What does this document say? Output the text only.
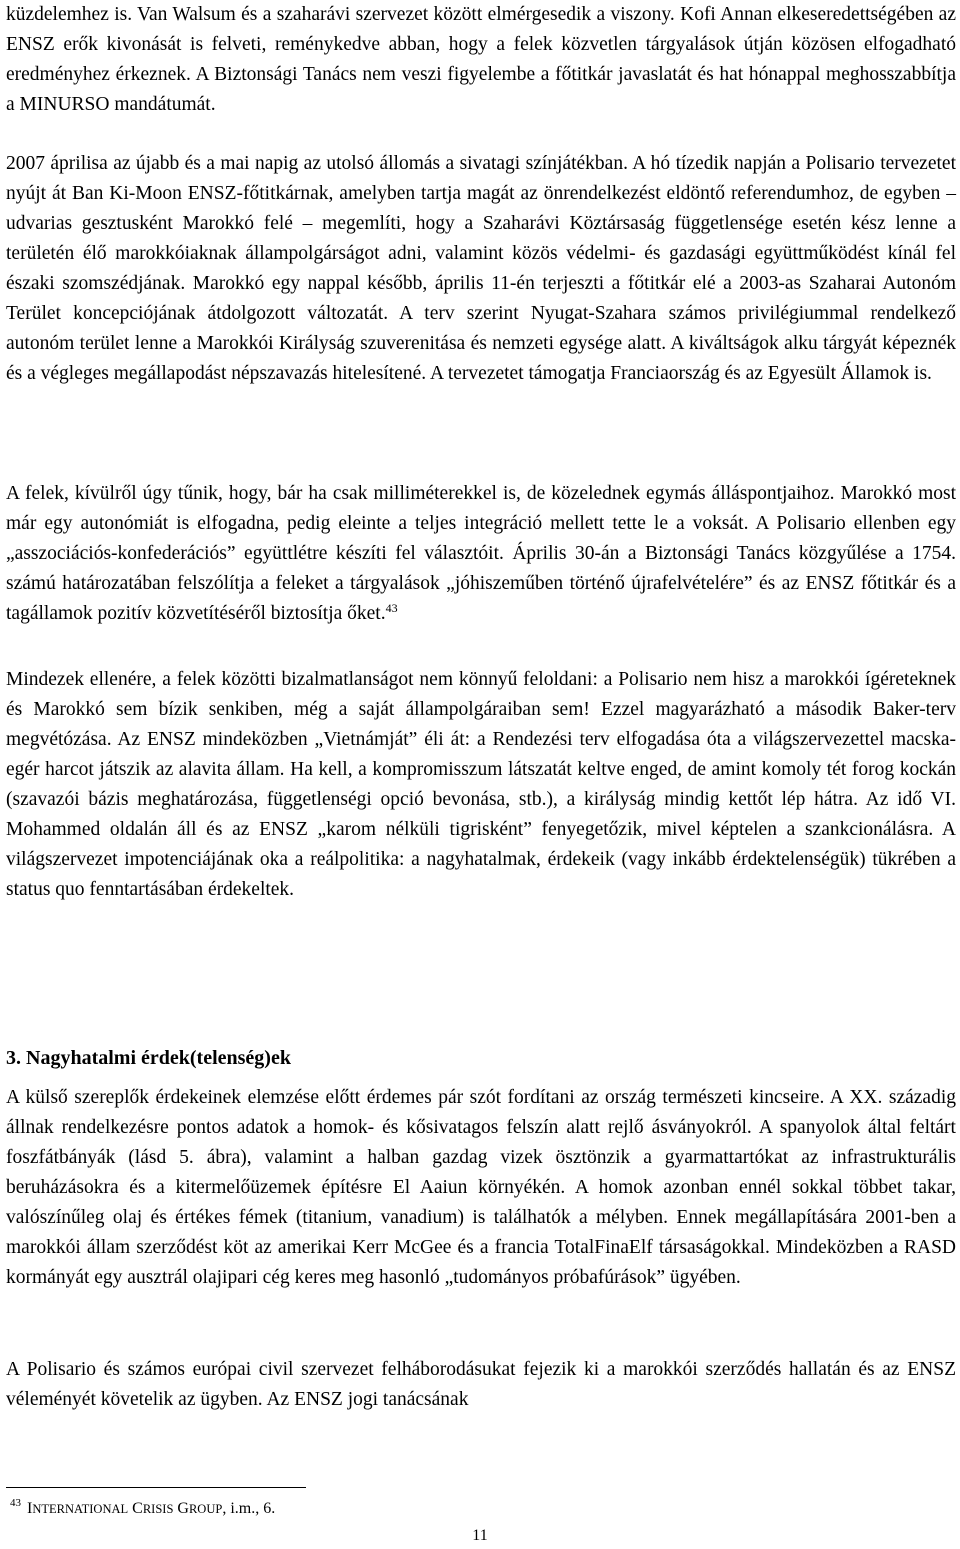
küzdelemhez is. Van Walsum és a szaharávi szervezet között elmérgesedik a viszony. Kofi Annan elkeseredettségében az ENSZ erők kivonását is felveti, reménykedve abban, hogy a felek közvetlen tárgyalások útján közösen elfogadható eredményhez érkeznek. A Biztonsági Tanács nem veszi figyelembe a főtitkár javaslatát és hat hónappal meghosszabbítja a MINURSO mandátumát.

2007 áprilisa az újabb és a mai napig az utolsó állomás a sivatagi színjátékban. A hó tízedik napján a Polisario tervezetet nyújt át Ban Ki-Moon ENSZ-főtitkárnak, amelyben tartja magát az önrendelkezést eldöntő referendumhoz, de egyben – udvarias gesztusként Marokkó felé – megemlíti, hogy a Szaharávi Köztársaság függetlensége esetén kész lenne a területén élő marokkóiaknak állampolgárságot adni, valamint közös védelmi- és gazdasági együttműködést kínál fel északi szomszédjának. Marokkó egy nappal később, április 11-én terjeszti a főtitkár elé a 2003-as Szaharai Autonóm Terület koncepciójának átdolgozott változatát. A terv szerint Nyugat-Szahara számos privilégiummal rendelkező autonóm terület lenne a Marokkói Királyság szuverenitása és nemzeti egysége alatt. A kiváltságok alku tárgyát képeznék és a végleges megállapodást népszavazás hitelesítené. A tervezetet támogatja Franciaország és az Egyesült Államok is.

A felek, kívülről úgy tűnik, hogy, bár ha csak milliméterekkel is, de közelednek egymás álláspontjaihoz. Marokkó most már egy autonómiát is elfogadna, pedig eleinte a teljes integráció mellett tette le a voksát. A Polisario ellenben egy „asszociációs-konfederációs” együttlétre készíti fel választóit. Április 30-án a Biztonsági Tanács közgyűlése a 1754. számú határozatában felszólítja a feleket a tárgyalások „jóhiszeműben történő újrafelvételére” és az ENSZ főtitkár és a tagállamok pozitív közvetítéséről biztosítja őket.$^{43}$

Mindezek ellenére, a felek közötti bizalmatlanságot nem könnyű feloldani: a Polisario nem hisz a marokkói ígéreteknek és Marokkó sem bízik senkiben, még a saját állampolgáraiban sem! Ezzel magyarázható a második Baker-terv megvétózása. Az ENSZ mindeközben „Vietnámját” éli át: a Rendezési terv elfogadása óta a világszervezettel macska-egér harcot játszik az alavita állam. Ha kell, a kompromisszum látszatát keltve enged, de amint komoly tét forog kockán (szavazói bázis meghatározása, függetlenségi opció bevonása, stb.), a királyság mindig kettőt lép hátra. Az idő VI. Mohammed oldalán áll és az ENSZ „karom nélküli tigrisként” fenyegetőzik, mivel képtelen a szankcionálásra. A világszervezet impotenciájának oka a reálpolitika: a nagyhatalmak, érdekeik (vagy inkább érdektelenségük) tükrében a status quo fenntartásában érdekeltek.

3. Nagyhatalmi érdek(telenség)ek

A külső szereplők érdekeinek elemzése előtt érdemes pár szót fordítani az ország természeti kincseire. A XX. századig állnak rendelkezésre pontos adatok a homok- és kősivatagos felszín alatt rejlő ásványokról. A spanyolok által feltárt foszfátbányák (lásd 5. ábra), valamint a halban gazdag vizek ösztönzik a gyarmattartókat az infrastrukturális beruházásokra és a kitermelőüzemek építésre El Aaiun környékén. A homok azonban ennél sokkal többet takar, valószínűleg olaj és értékes fémek (titanium, vanadium) is találhatók a mélyben. Ennek megállapítására 2001-ben a marokkói állam szerződést köt az amerikai Kerr McGee és a francia TotalFinaElf társaságokkal. Mindeközben a RASD kormányát egy ausztrál olajipari cég keres meg hasonló „tudományos próbafúrások” ügyében.

A Polisario és számos európai civil szervezet felháborodásukat fejezik ki a marokkói szerződés hallatán és az ENSZ véleményét követelik az ügyben. Az ENSZ jogi tanácsának

$^{43}$ INTERNATIONAL CRISIS GROUP, i.m., 6.
11
